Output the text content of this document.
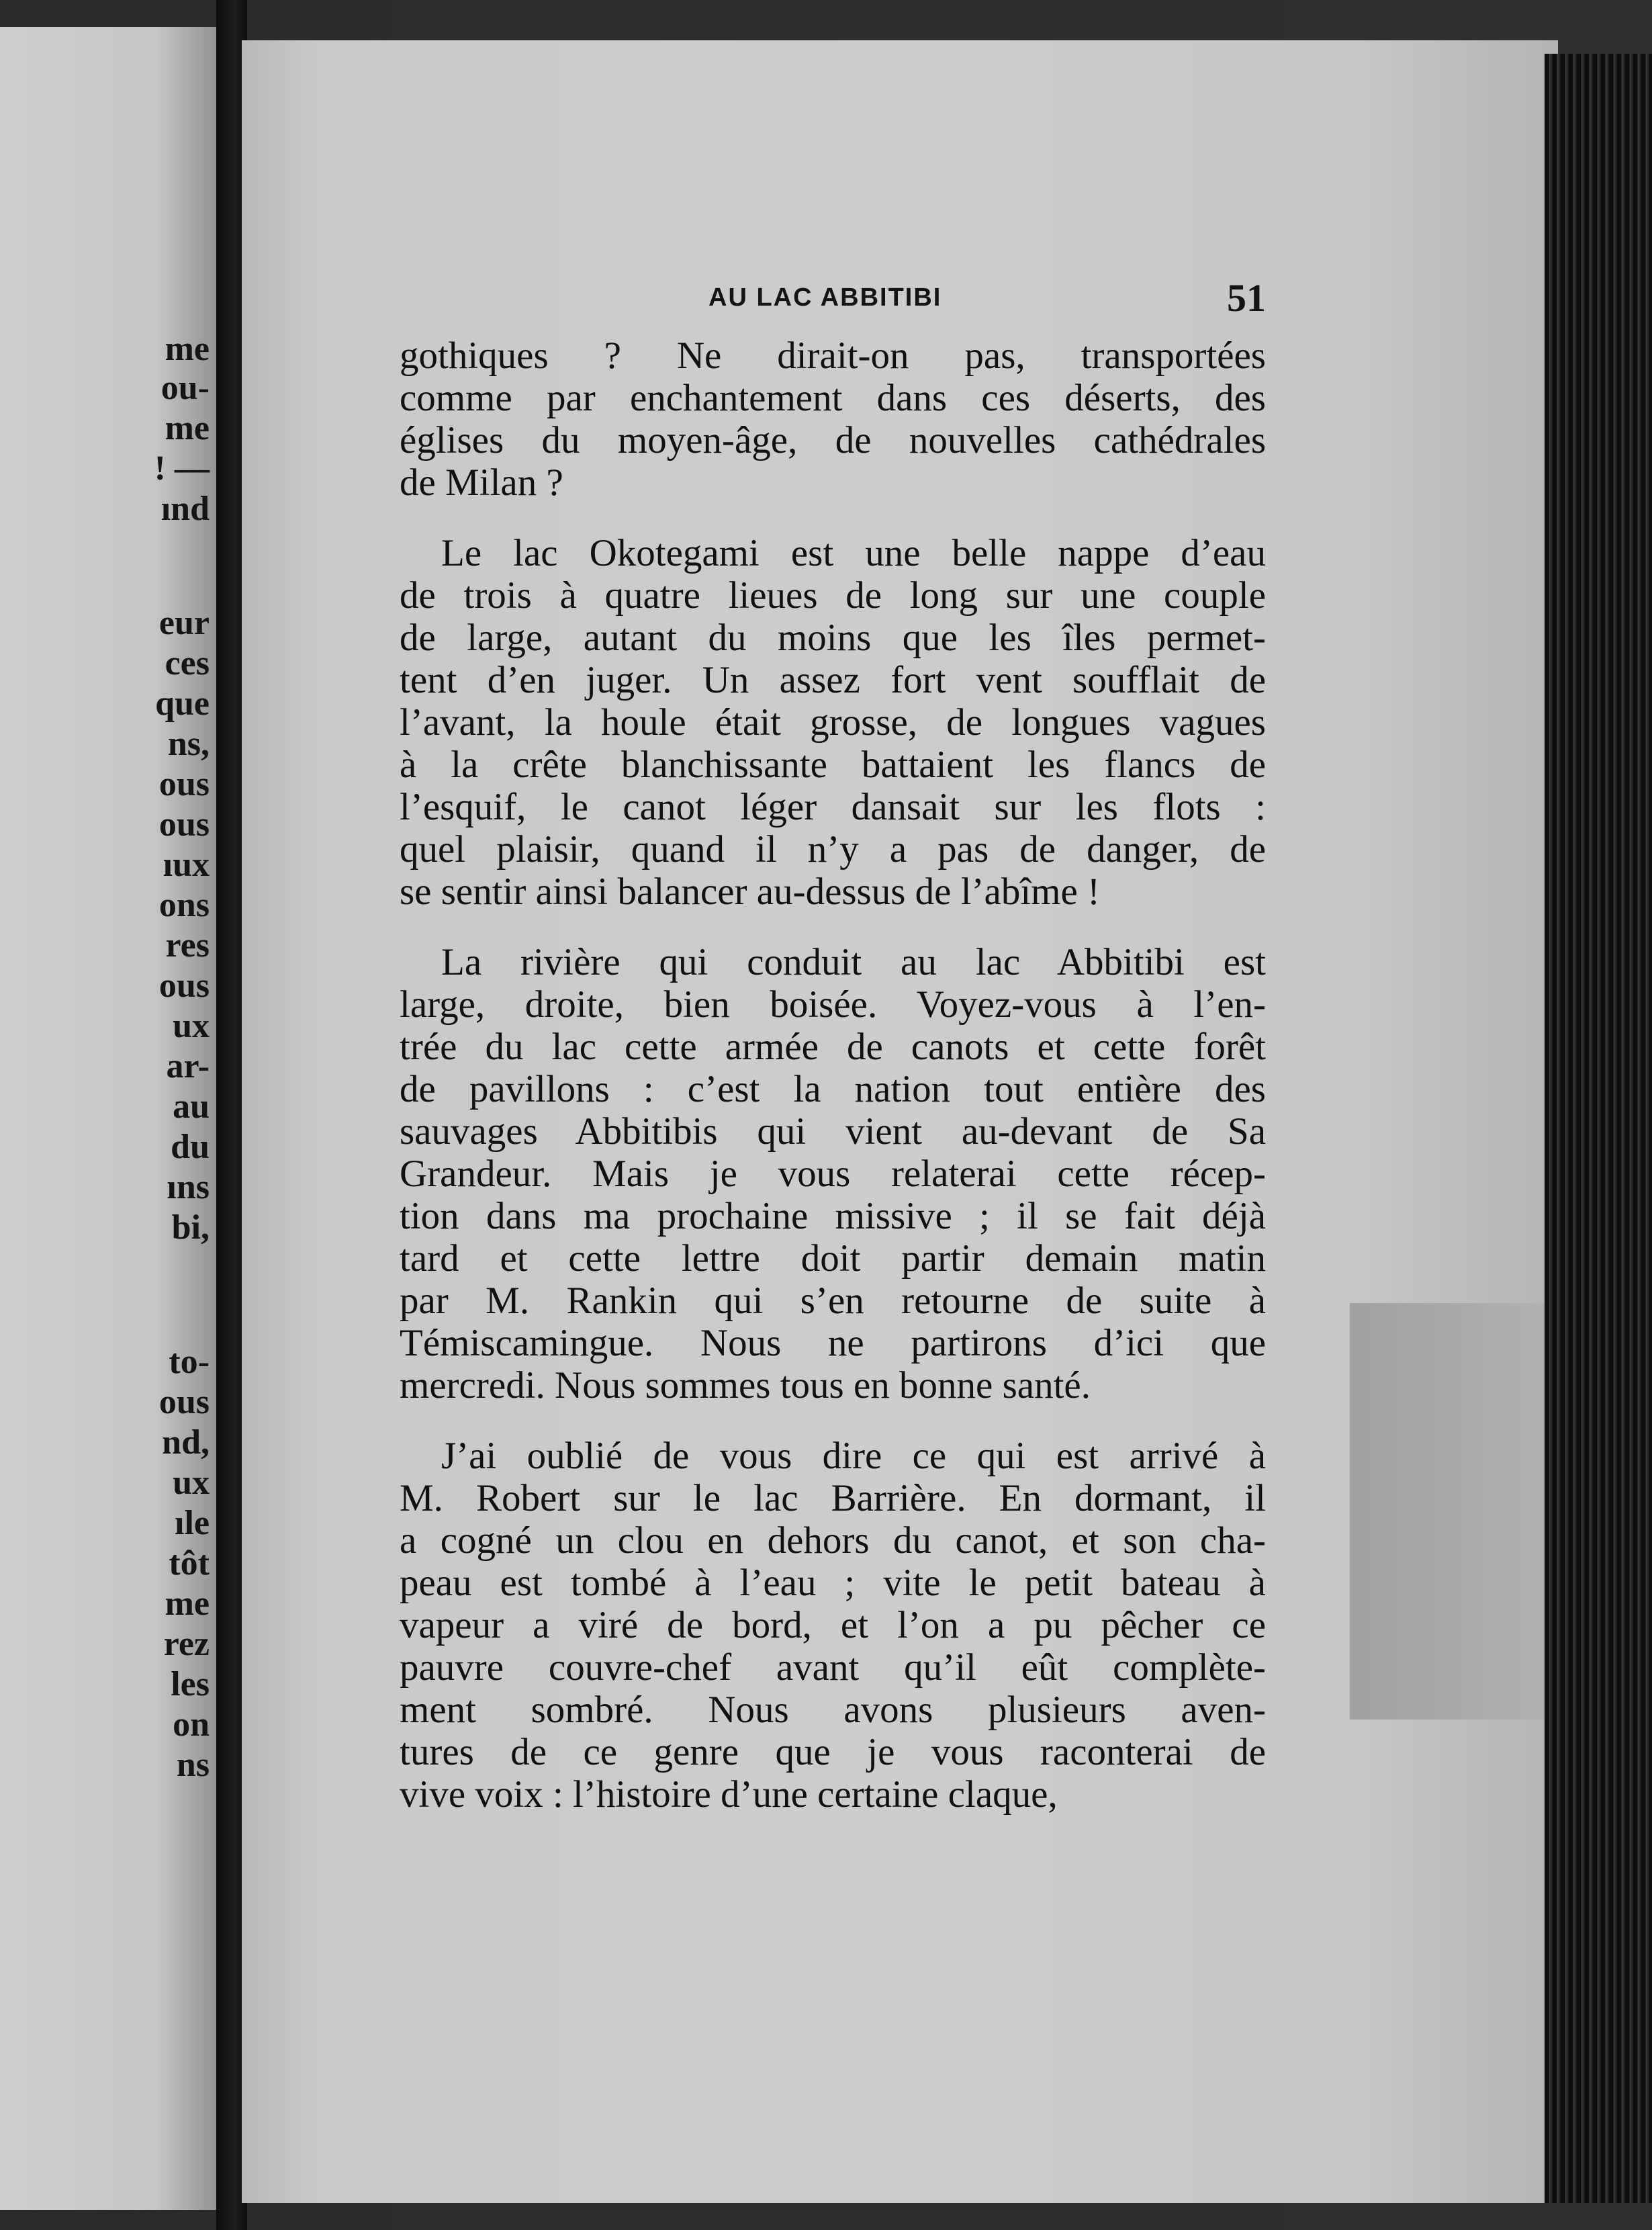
me
ou-
me
! —
ınd
eur
ces
que
ns,
ous
ous
ıux
ons
res
ous
ux
ar-
au
du
ıns
bi,
to-
ous
nd,
ux
ıle
tôt
me
rez
les
on
ns
AU LAC ABBITIBI	51
gothiques ? Ne dirait-on pas, transportées
comme par enchantement dans ces déserts, des
églises du moyen-âge, de nouvelles cathédrales
de Milan ?
Le lac Okotegami est une belle nappe d’eau
de trois à quatre lieues de long sur une couple
de large, autant du moins que les îles permet-
tent d’en juger. Un assez fort vent soufflait de
l’avant, la houle était grosse, de longues vagues
à la crête blanchissante battaient les flancs de
l’esquif, le canot léger dansait sur les flots :
quel plaisir, quand il n’y a pas de danger, de
se sentir ainsi balancer au-dessus de l’abîme !
La rivière qui conduit au lac Abbitibi est
large, droite, bien boisée. Voyez-vous à l’en-
trée du lac cette armée de canots et cette forêt
de pavillons : c’est la nation tout entière des
sauvages Abbitibis qui vient au-devant de Sa
Grandeur. Mais je vous relaterai cette récep-
tion dans ma prochaine missive ; il se fait déjà
tard et cette lettre doit partir demain matin
par M. Rankin qui s’en retourne de suite à
Témiscamingue. Nous ne partirons d’ici que
mercredi. Nous sommes tous en bonne santé.
J’ai oublié de vous dire ce qui est arrivé à
M. Robert sur le lac Barrière. En dormant, il
a cogné un clou en dehors du canot, et son cha-
peau est tombé à l’eau ; vite le petit bateau à
vapeur a viré de bord, et l’on a pu pêcher ce
pauvre couvre-chef avant qu’il eût complète-
ment sombré. Nous avons plusieurs aven-
tures de ce genre que je vous raconterai de
vive voix : l’histoire d’une certaine claque,
